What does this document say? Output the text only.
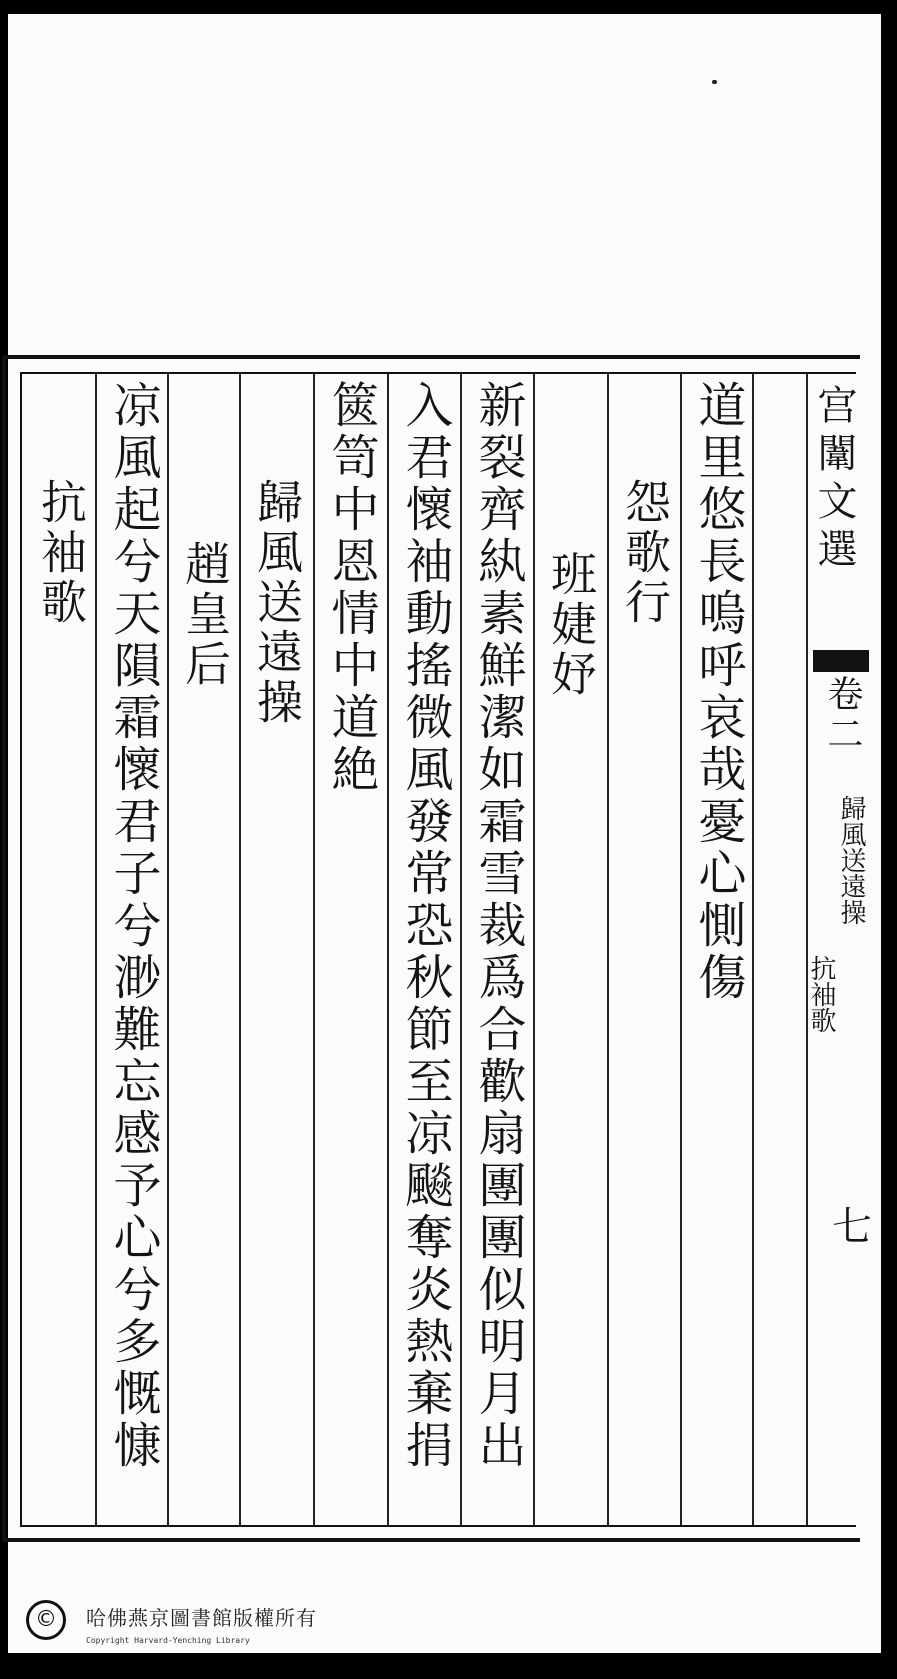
宫闈文選
卷二
歸風送遠操
抗袖歌
七
道里悠長嗚呼哀哉憂心惻傷
怨歌行
班婕妤
新裂齊紈素鮮潔如霜雪裁爲合歡扇團團似明月出
入君懷袖動搖微風發常恐秋節至凉飈奪炎熱棄捐
篋笥中恩情中道絶
歸風送遠操
趙皇后
凉風起兮天隕霜懷君子兮渺難忘感予心兮多慨慷
抗袖歌
©	哈佛燕京圖書館版權所有
Copyright Harvard-Yenching Library
